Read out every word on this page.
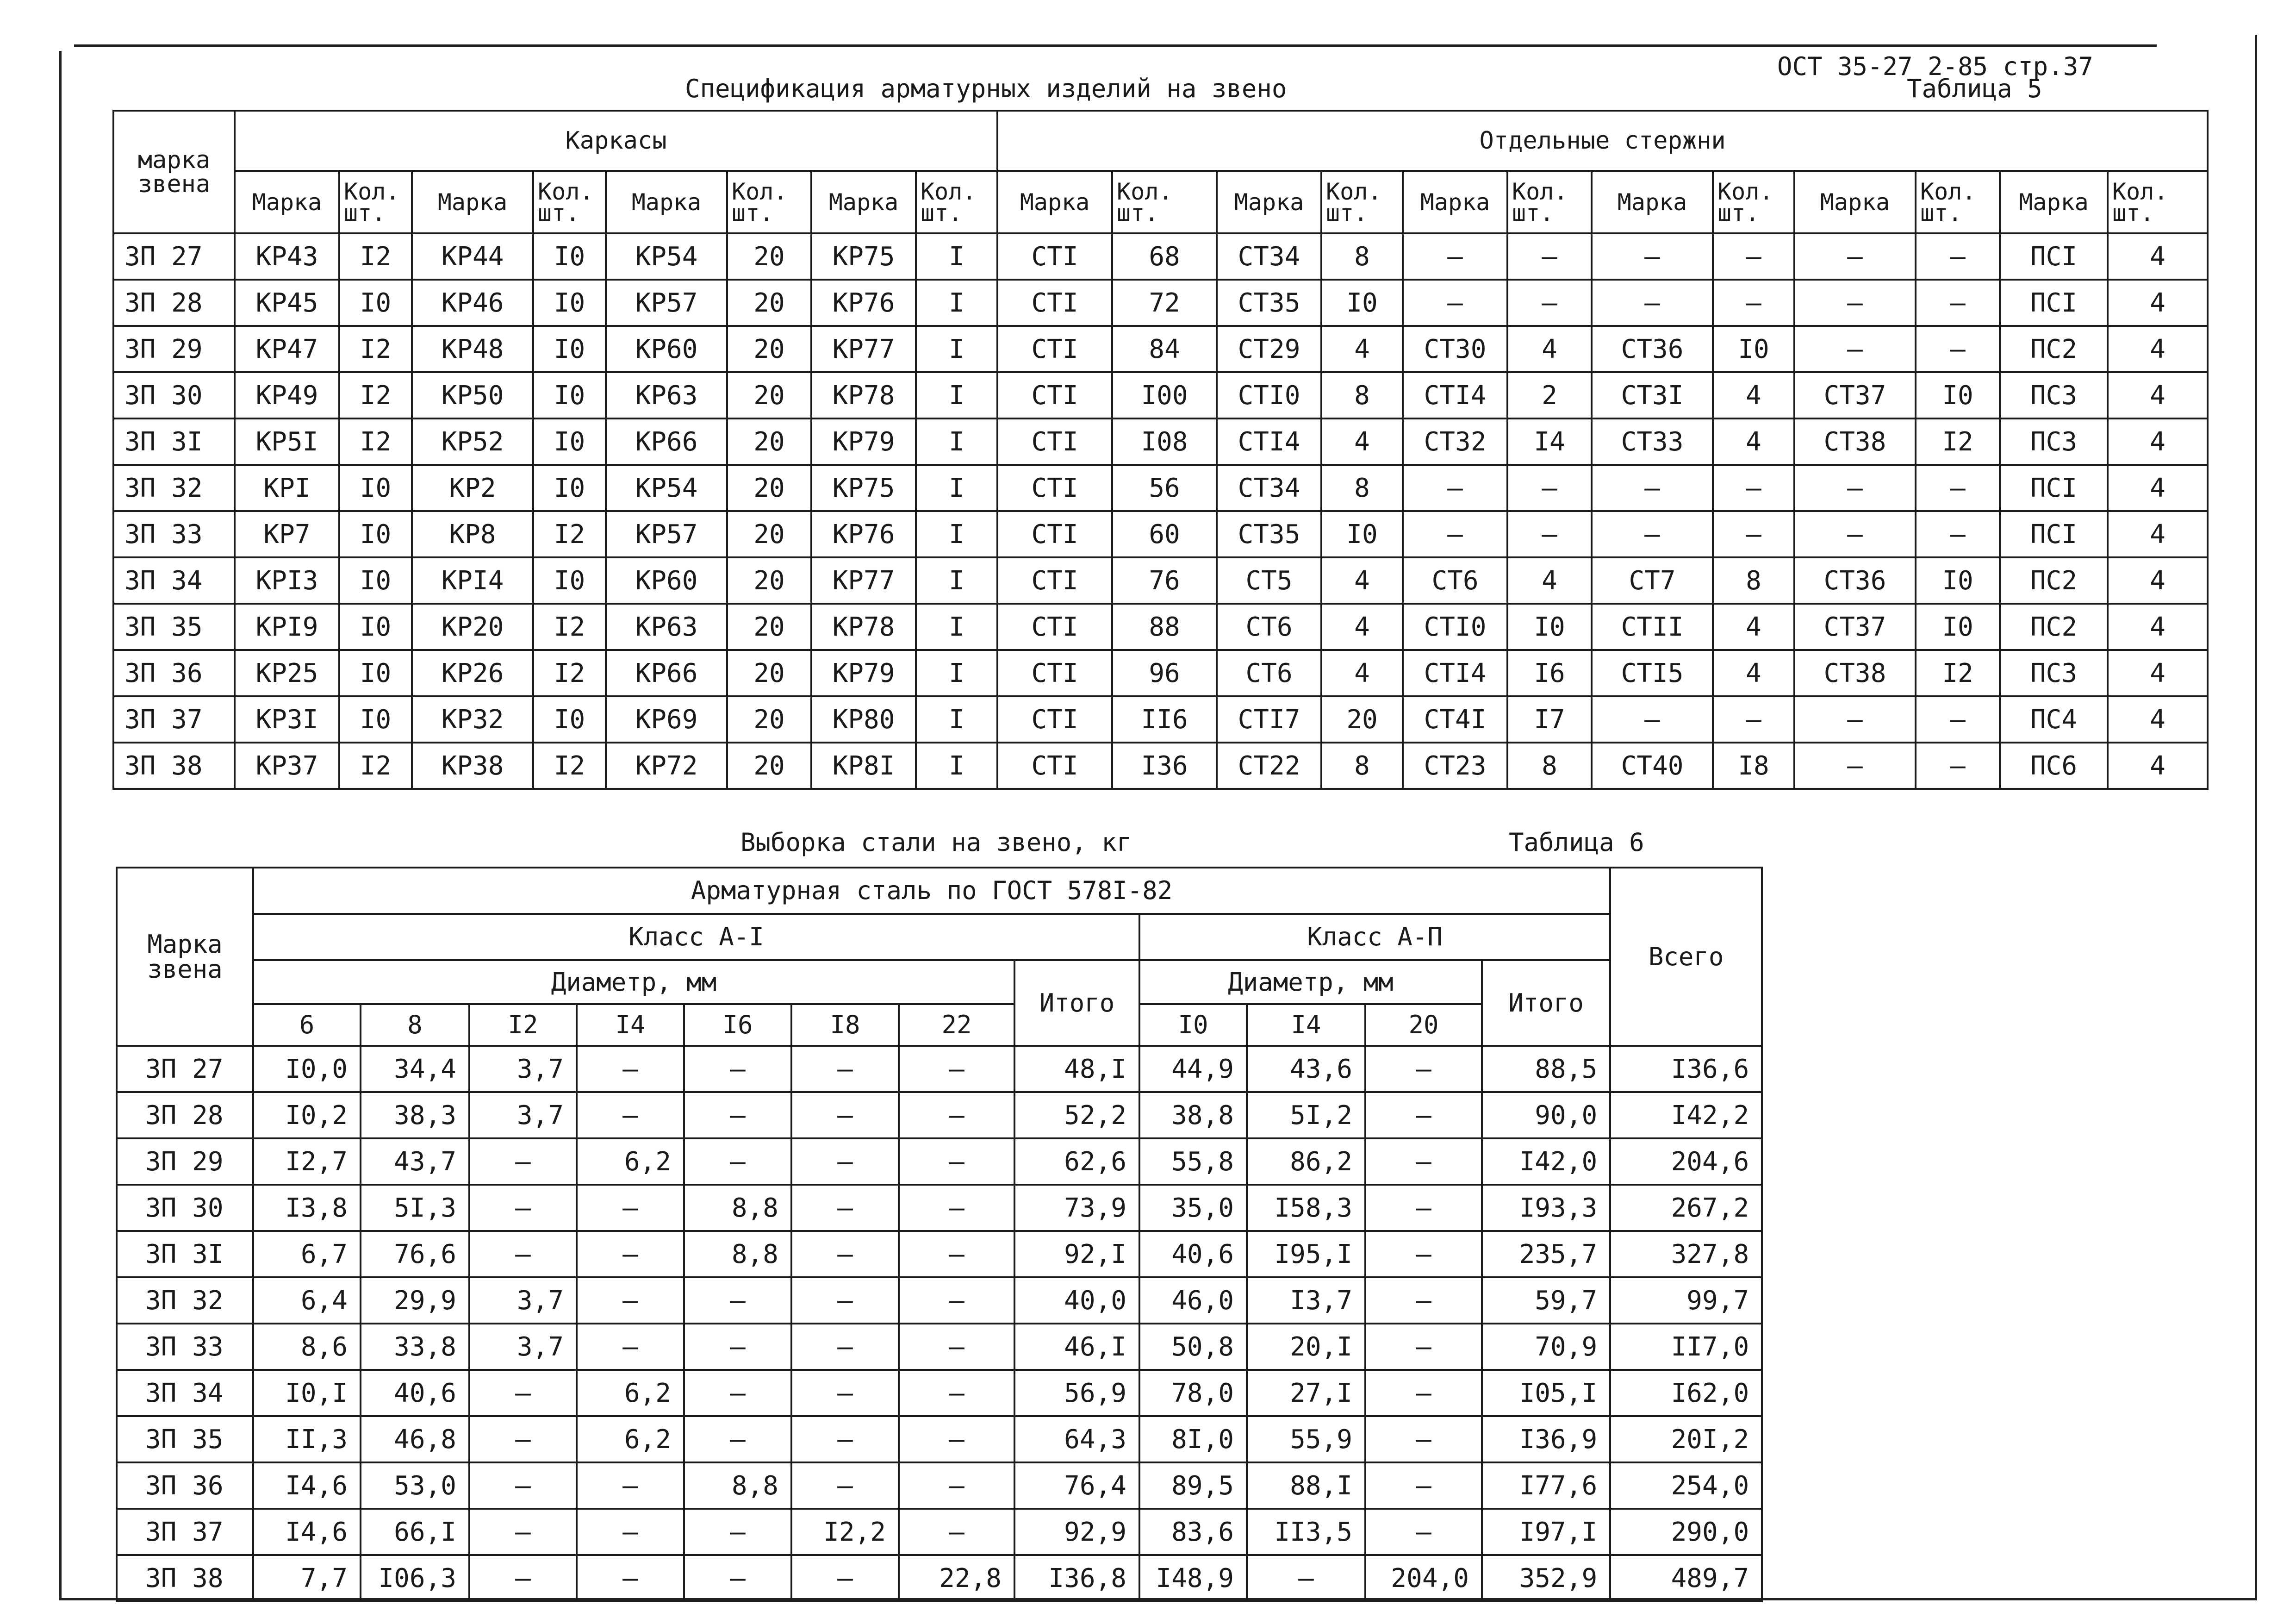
ОСТ 35-27 2-85 стр.37
Спецификация арматурных изделий на звено	Таблица 5
марка звена	Каркасы								Отдельные стержни											
	Марка	Кол. шт.	Марка	Кол. шт.	Марка	Кол. шт.	Марка	Кол. шт.	Марка	Кол. шт.	Марка	Кол. шт.	Марка	Кол. шт.	Марка	Кол. шт.	Марка	Кол. шт.	Марка	Кол. шт.
ЗП 27	КР43	I2	КР44	I0	КР54	20	КР75	I	СТI	68	СТ34	8	–	–	–	–	–	–	ПСI	4
ЗП 28	КР45	I0	КР46	I0	КР57	20	КР76	I	СТI	72	СТ35	I0	–	–	–	–	–	–	ПСI	4
ЗП 29	КР47	I2	КР48	I0	КР60	20	КР77	I	СТI	84	СТ29	4	СТ30	4	СТ36	I0	–	–	ПС2	4
ЗП 30	КР49	I2	КР50	I0	КР63	20	КР78	I	СТI	I00	СТI0	8	СТI4	2	СТ3I	4	СТ37	I0	ПС3	4
ЗП 3I	КР5I	I2	КР52	I0	КР66	20	КР79	I	СТI	I08	СТI4	4	СТ32	I4	СТ33	4	СТ38	I2	ПС3	4
ЗП 32	КРI	I0	КР2	I0	КР54	20	КР75	I	СТI	56	СТ34	8	–	–	–	–	–	–	ПСI	4
ЗП 33	КР7	I0	КР8	I2	КР57	20	КР76	I	СТI	60	СТ35	I0	–	–	–	–	–	–	ПСI	4
ЗП 34	КРI3	I0	КРI4	I0	КР60	20	КР77	I	СТI	76	СТ5	4	СТ6	4	СТ7	8	СТ36	I0	ПС2	4
ЗП 35	КРI9	I0	КР20	I2	КР63	20	КР78	I	СТI	88	СТ6	4	СТI0	I0	СТII	4	СТ37	I0	ПС2	4
ЗП 36	КР25	I0	КР26	I2	КР66	20	КР79	I	СТI	96	СТ6	4	СТI4	I6	СТI5	4	СТ38	I2	ПС3	4
ЗП 37	КР3I	I0	КР32	I0	КР69	20	КР80	I	СТI	II6	СТI7	20	СТ4I	I7	–	–	–	–	ПС4	4
ЗП 38	КР37	I2	КР38	I2	КР72	20	КР8I	I	СТI	I36	СТ22	8	СТ23	8	СТ40	I8	–	–	ПС6	4
Выборка стали на звено, кг	Таблица 6
Марка звена	Арматурная сталь по ГОСТ 578I-82												Всего
	Класс А-I								Класс А-П				
	Диаметр, мм							Итого	Диаметр, мм			Итого	
	6	8	I2	I4	I6	I8	22		I0	I4	20		
ЗП 27	I0,0	34,4	3,7	–	–	–	–	48,I	44,9	43,6	–	88,5	I36,6
ЗП 28	I0,2	38,3	3,7	–	–	–	–	52,2	38,8	5I,2	–	90,0	I42,2
ЗП 29	I2,7	43,7	–	6,2	–	–	–	62,6	55,8	86,2	–	I42,0	204,6
ЗП 30	I3,8	5I,3	–	–	8,8	–	–	73,9	35,0	I58,3	–	I93,3	267,2
ЗП 3I	6,7	76,6	–	–	8,8	–	–	92,I	40,6	I95,I	–	235,7	327,8
ЗП 32	6,4	29,9	3,7	–	–	–	–	40,0	46,0	I3,7	–	59,7	99,7
ЗП 33	8,6	33,8	3,7	–	–	–	–	46,I	50,8	20,I	–	70,9	II7,0
ЗП 34	I0,I	40,6	–	6,2	–	–	–	56,9	78,0	27,I	–	I05,I	I62,0
ЗП 35	II,3	46,8	–	6,2	–	–	–	64,3	8I,0	55,9	–	I36,9	20I,2
ЗП 36	I4,6	53,0	–	–	8,8	–	–	76,4	89,5	88,I	–	I77,6	254,0
ЗП 37	I4,6	66,I	–	–	–	I2,2	–	92,9	83,6	II3,5	–	I97,I	290,0
ЗП 38	7,7	I06,3	–	–	–	–	22,8	I36,8	I48,9	–	204,0	352,9	489,7
